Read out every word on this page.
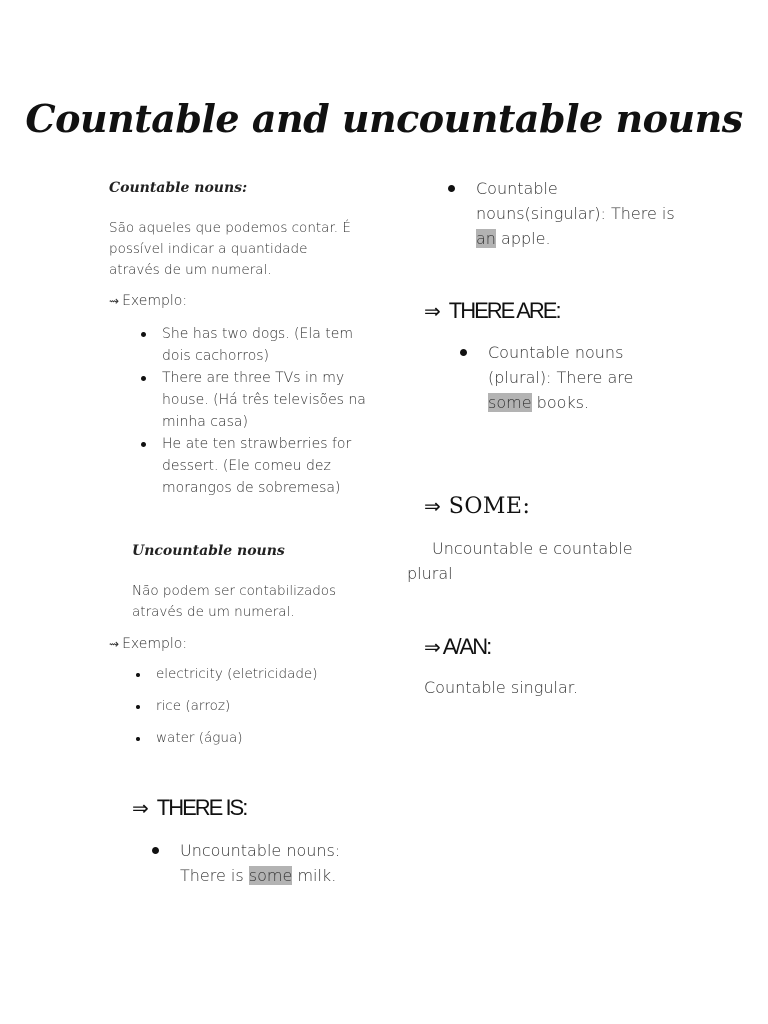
Countable and uncountable nouns
Countable nouns:
São aqueles que podemos contar. É possível indicar a quantidade através de um numeral.
⇝ Exemplo:
She has two dogs. (Ela tem dois cachorros)
There are three TVs in my house. (Há três televisões na minha casa)
He ate ten strawberries for dessert. (Ele comeu dez morangos de sobremesa)
Uncountable nouns
Não podem ser contabilizados através de um numeral.
⇝ Exemplo:
electricity (eletricidade)
rice (arroz)
water (água)
⇒ THERE IS:
Uncountable nouns:
There is some milk.
Countable
nouns(singular): There is
an apple.
⇒ THERE ARE:
Countable nouns
(plural): There are
some books.
⇒ SOME:
Uncountable e countable
plural
⇒A/AN:
Countable singular.
